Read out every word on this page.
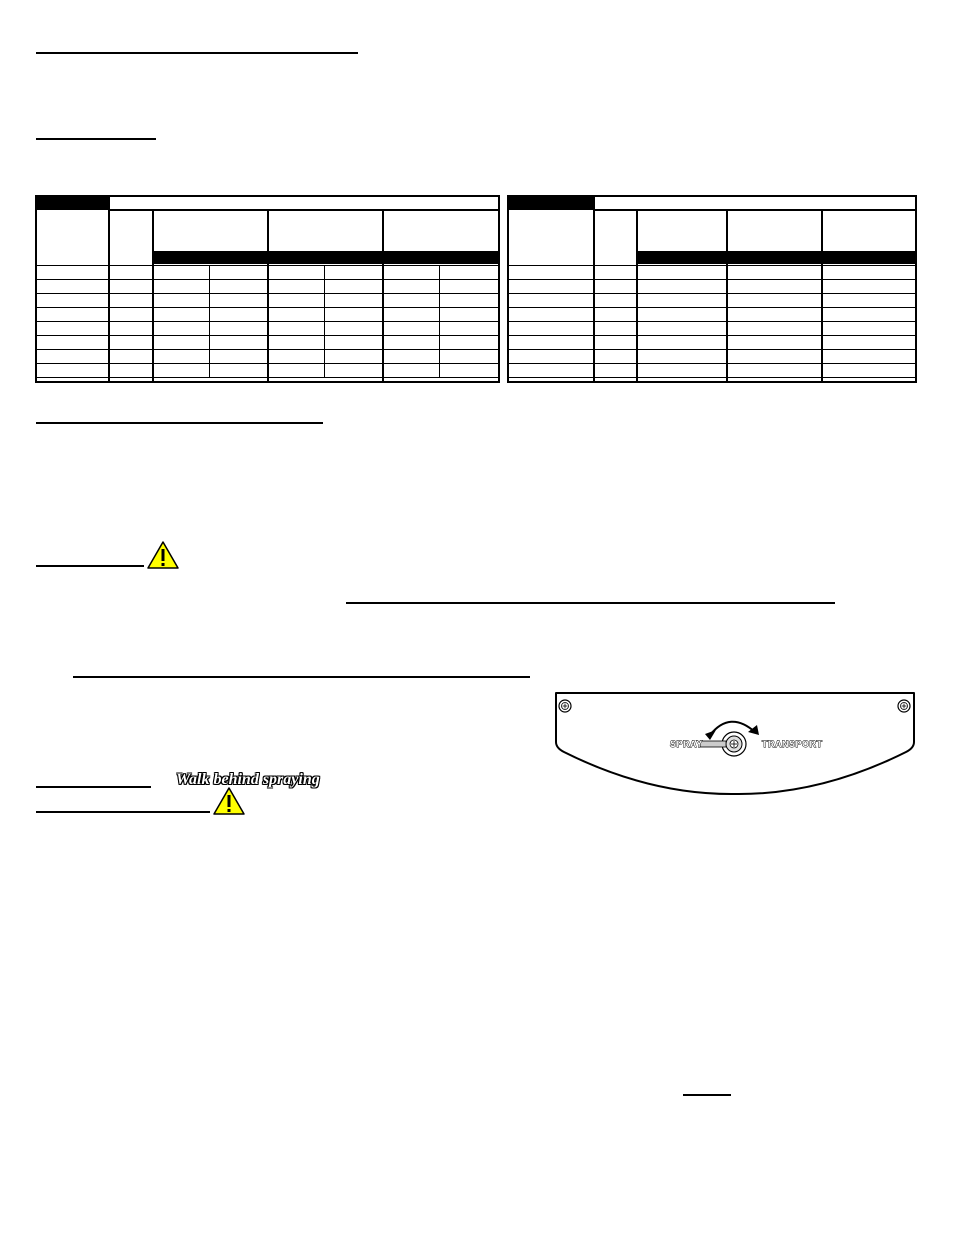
Walk behind spraying
SPRAY	TRANSPORT
